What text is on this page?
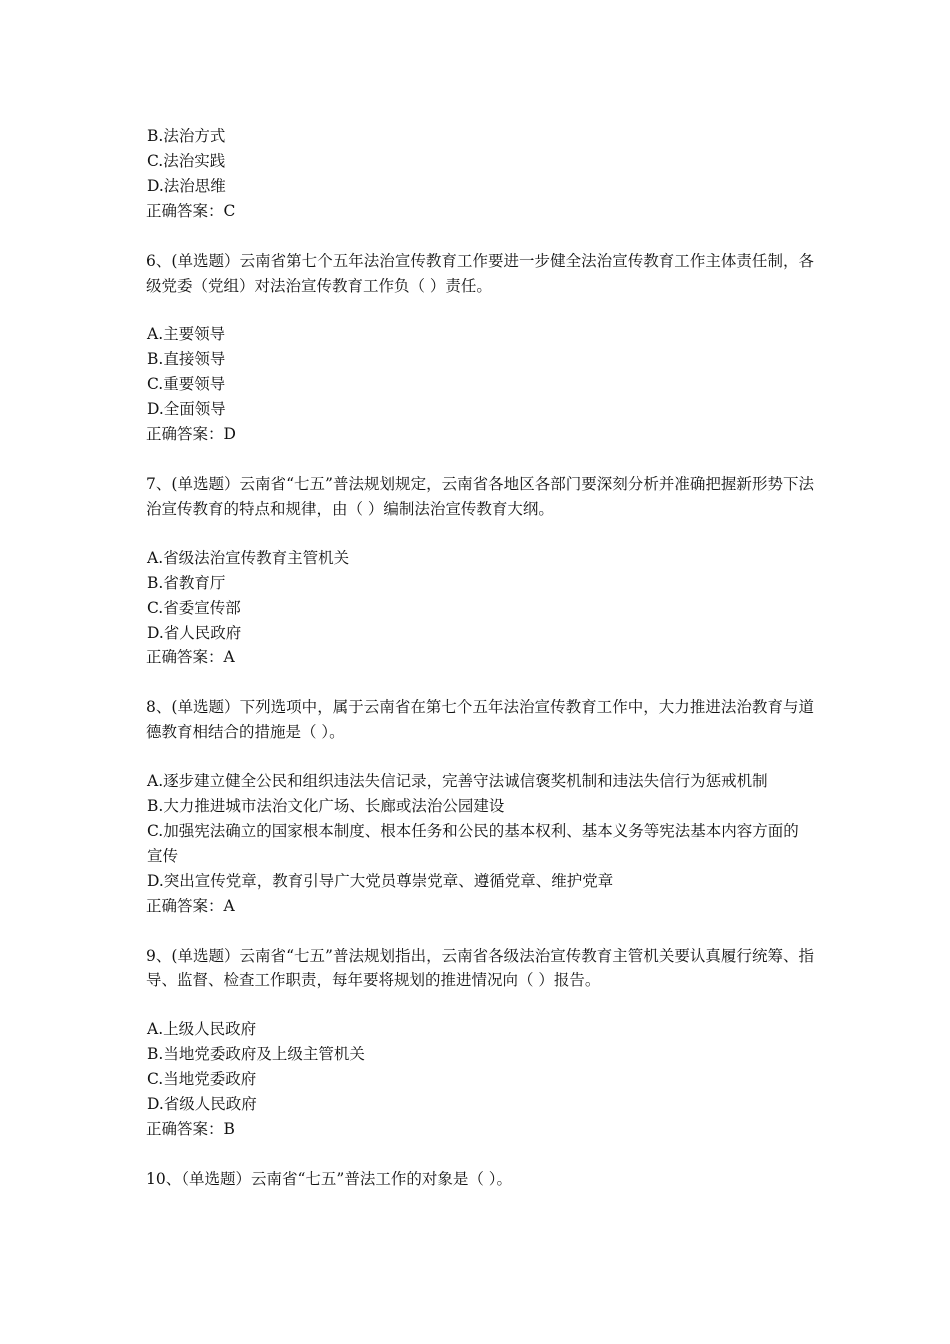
B.法治方式
C.法治实践
D.法治思维
正确答案：C
6、(单选题）云南省第七个五年法治宣传教育工作要进一步健全法治宣传教育工作主体责任制，各级党委（党组）对法治宣传教育工作负（ ）责任。
A.主要领导
B.直接领导
C.重要领导
D.全面领导
正确答案：D
7、(单选题）云南省“七五”普法规划规定，云南省各地区各部门要深刻分析并准确把握新形势下法治宣传教育的特点和规律，由（ ）编制法治宣传教育大纲。
A.省级法治宣传教育主管机关
B.省教育厅
C.省委宣传部
D.省人民政府
正确答案：A
8、(单选题）下列选项中，属于云南省在第七个五年法治宣传教育工作中，大力推进法治教育与道德教育相结合的措施是（ ）。
A.逐步建立健全公民和组织违法失信记录，完善守法诚信褒奖机制和违法失信行为惩戒机制
B.大力推进城市法治文化广场、长廊或法治公园建设
C.加强宪法确立的国家根本制度、根本任务和公民的基本权利、基本义务等宪法基本内容方面的宣传
D.突出宣传党章，教育引导广大党员尊崇党章、遵循党章、维护党章
正确答案：A
9、(单选题）云南省“七五”普法规划指出，云南省各级法治宣传教育主管机关要认真履行统筹、指导、监督、检查工作职责，每年要将规划的推进情况向（ ）报告。
A.上级人民政府
B.当地党委政府及上级主管机关
C.当地党委政府
D.省级人民政府
正确答案：B
10、（单选题）云南省“七五”普法工作的对象是（ ）。
